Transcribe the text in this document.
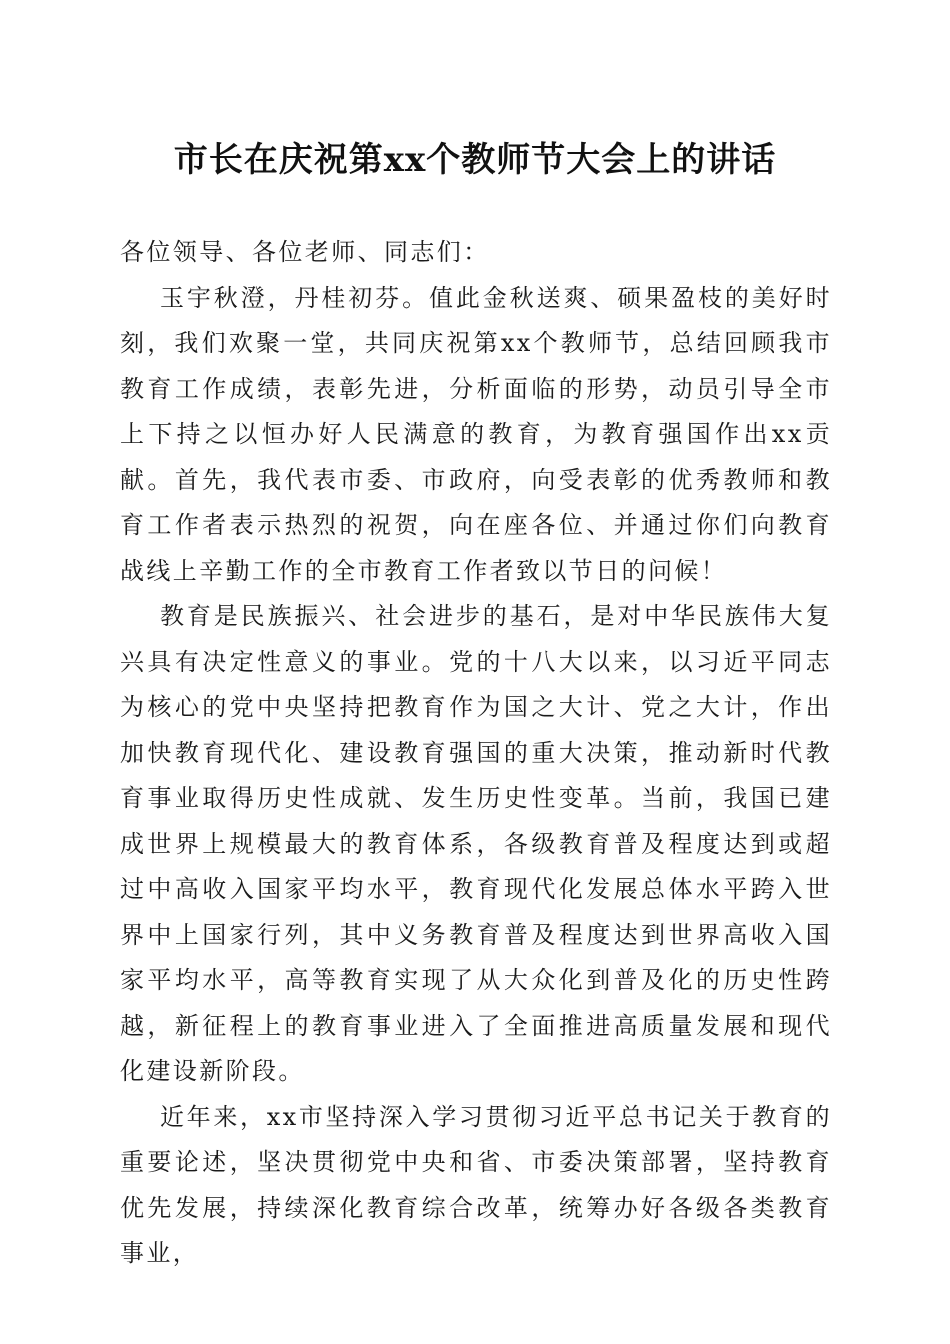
市长在庆祝第xx个教师节大会上的讲话

各位领导、各位老师、同志们：

玉宇秋澄，丹桂初芬。值此金秋送爽、硕果盈枝的美好时刻，我们欢聚一堂，共同庆祝第xx个教师节，总结回顾我市教育工作成绩，表彰先进，分析面临的形势，动员引导全市上下持之以恒办好人民满意的教育，为教育强国作出xx贡献。首先，我代表市委、市政府，向受表彰的优秀教师和教育工作者表示热烈的祝贺，向在座各位、并通过你们向教育战线上辛勤工作的全市教育工作者致以节日的问候！

教育是民族振兴、社会进步的基石，是对中华民族伟大复兴具有决定性意义的事业。党的十八大以来，以习近平同志为核心的党中央坚持把教育作为国之大计、党之大计，作出加快教育现代化、建设教育强国的重大决策，推动新时代教育事业取得历史性成就、发生历史性变革。当前，我国已建成世界上规模最大的教育体系，各级教育普及程度达到或超过中高收入国家平均水平，教育现代化发展总体水平跨入世界中上国家行列，其中义务教育普及程度达到世界高收入国家平均水平，高等教育实现了从大众化到普及化的历史性跨越，新征程上的教育事业进入了全面推进高质量发展和现代化建设新阶段。

近年来，xx市坚持深入学习贯彻习近平总书记关于教育的重要论述，坚决贯彻党中央和省、市委决策部署，坚持教育优先发展，持续深化教育综合改革，统筹办好各级各类教育事业，
